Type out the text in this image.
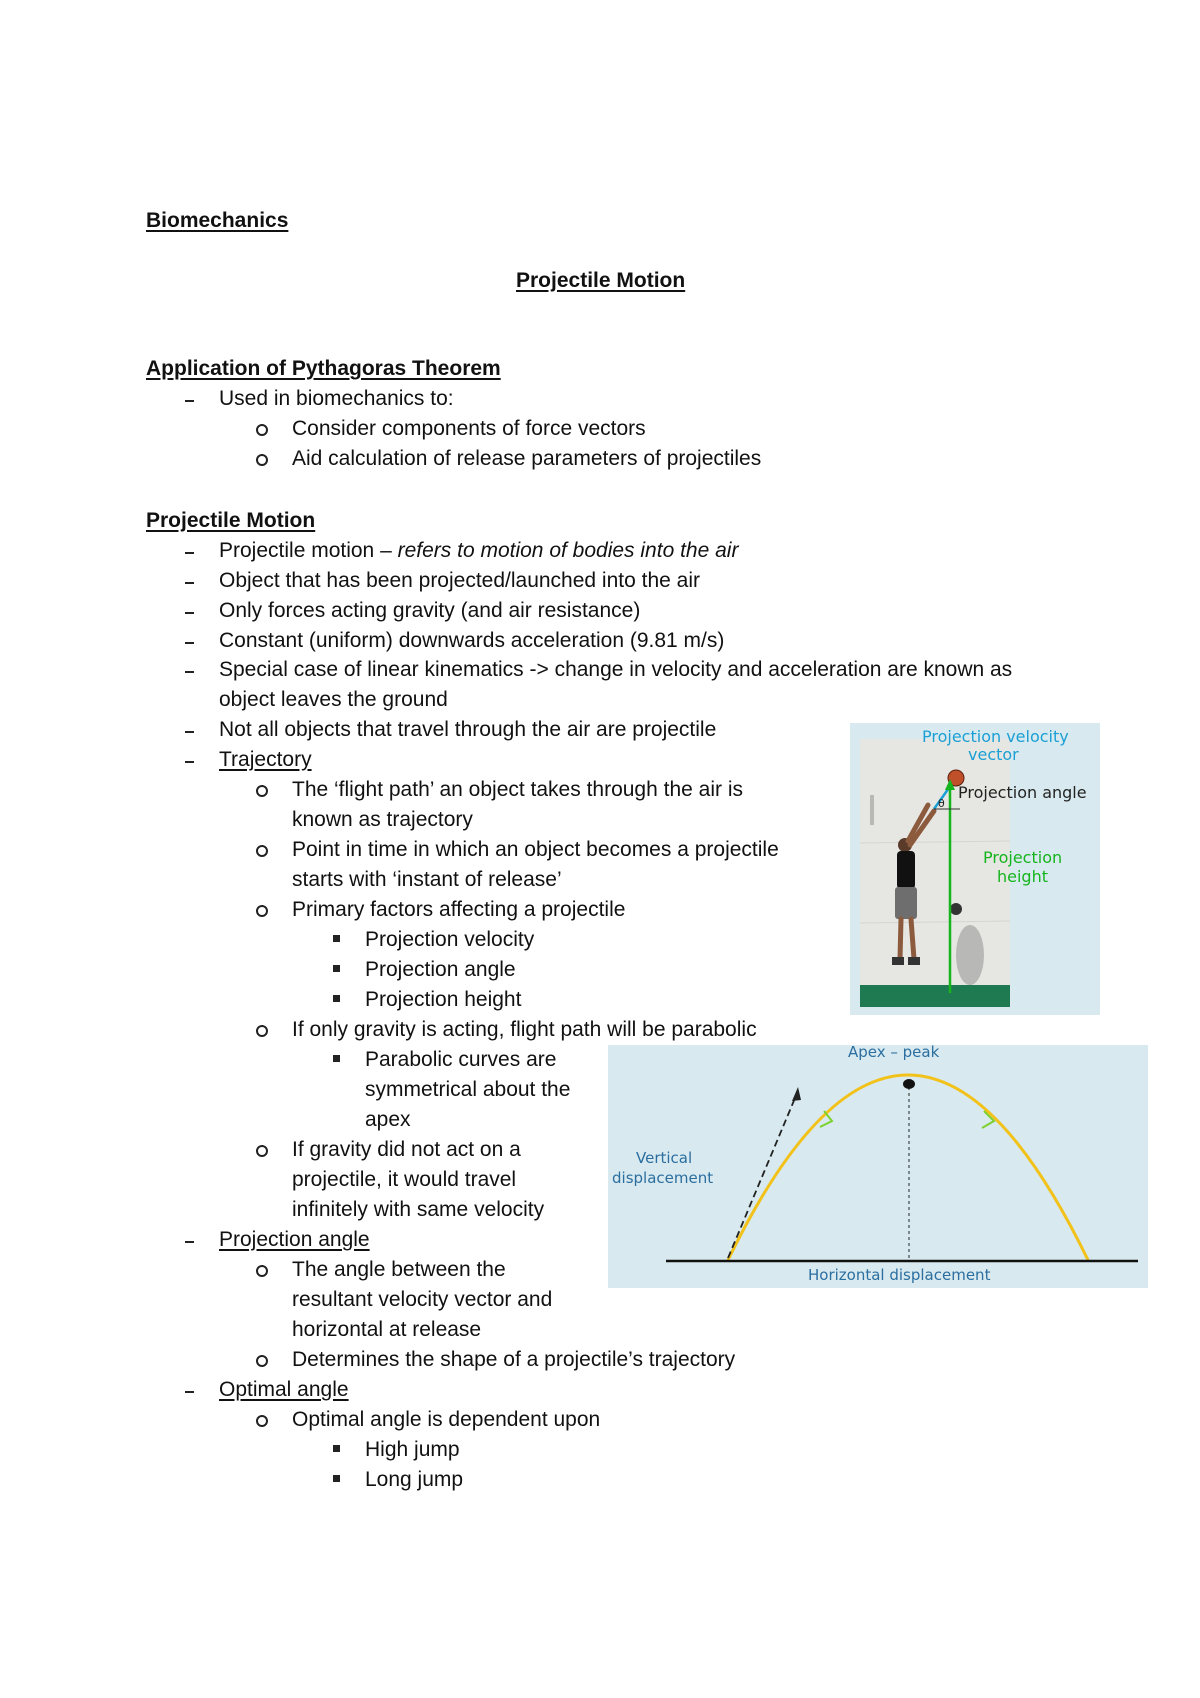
Biomechanics
Projectile Motion
Application of Pythagoras Theorem
Used in biomechanics to:
Consider components of force vectors
Aid calculation of release parameters of projectiles
Projectile Motion
Projectile motion – refers to motion of bodies into the air
Object that has been projected/launched into the air
Only forces acting gravity (and air resistance)
Constant (uniform) downwards acceleration (9.81 m/s)
Special case of linear kinematics -> change in velocity and acceleration are known as
object leaves the ground
Not all objects that travel through the air are projectile
Trajectory
The ‘flight path’ an object takes through the air is
known as trajectory
Point in time in which an object becomes a projectile
starts with ‘instant of release’
Primary factors affecting a projectile
Projection velocity
Projection angle
Projection height
If only gravity is acting, flight path will be parabolic
Parabolic curves are
symmetrical about the
apex
If gravity did not act on a
projectile, it would travel
infinitely with same velocity
Projection angle
The angle between the
resultant velocity vector and
horizontal at release
Determines the shape of a projectile’s trajectory
Optimal angle
Optimal angle is dependent upon
High jump
Long jump
Projection velocity
vector
θ
Projection angle
Projection
height
Apex – peak
Vertical
displacement
Horizontal displacement
